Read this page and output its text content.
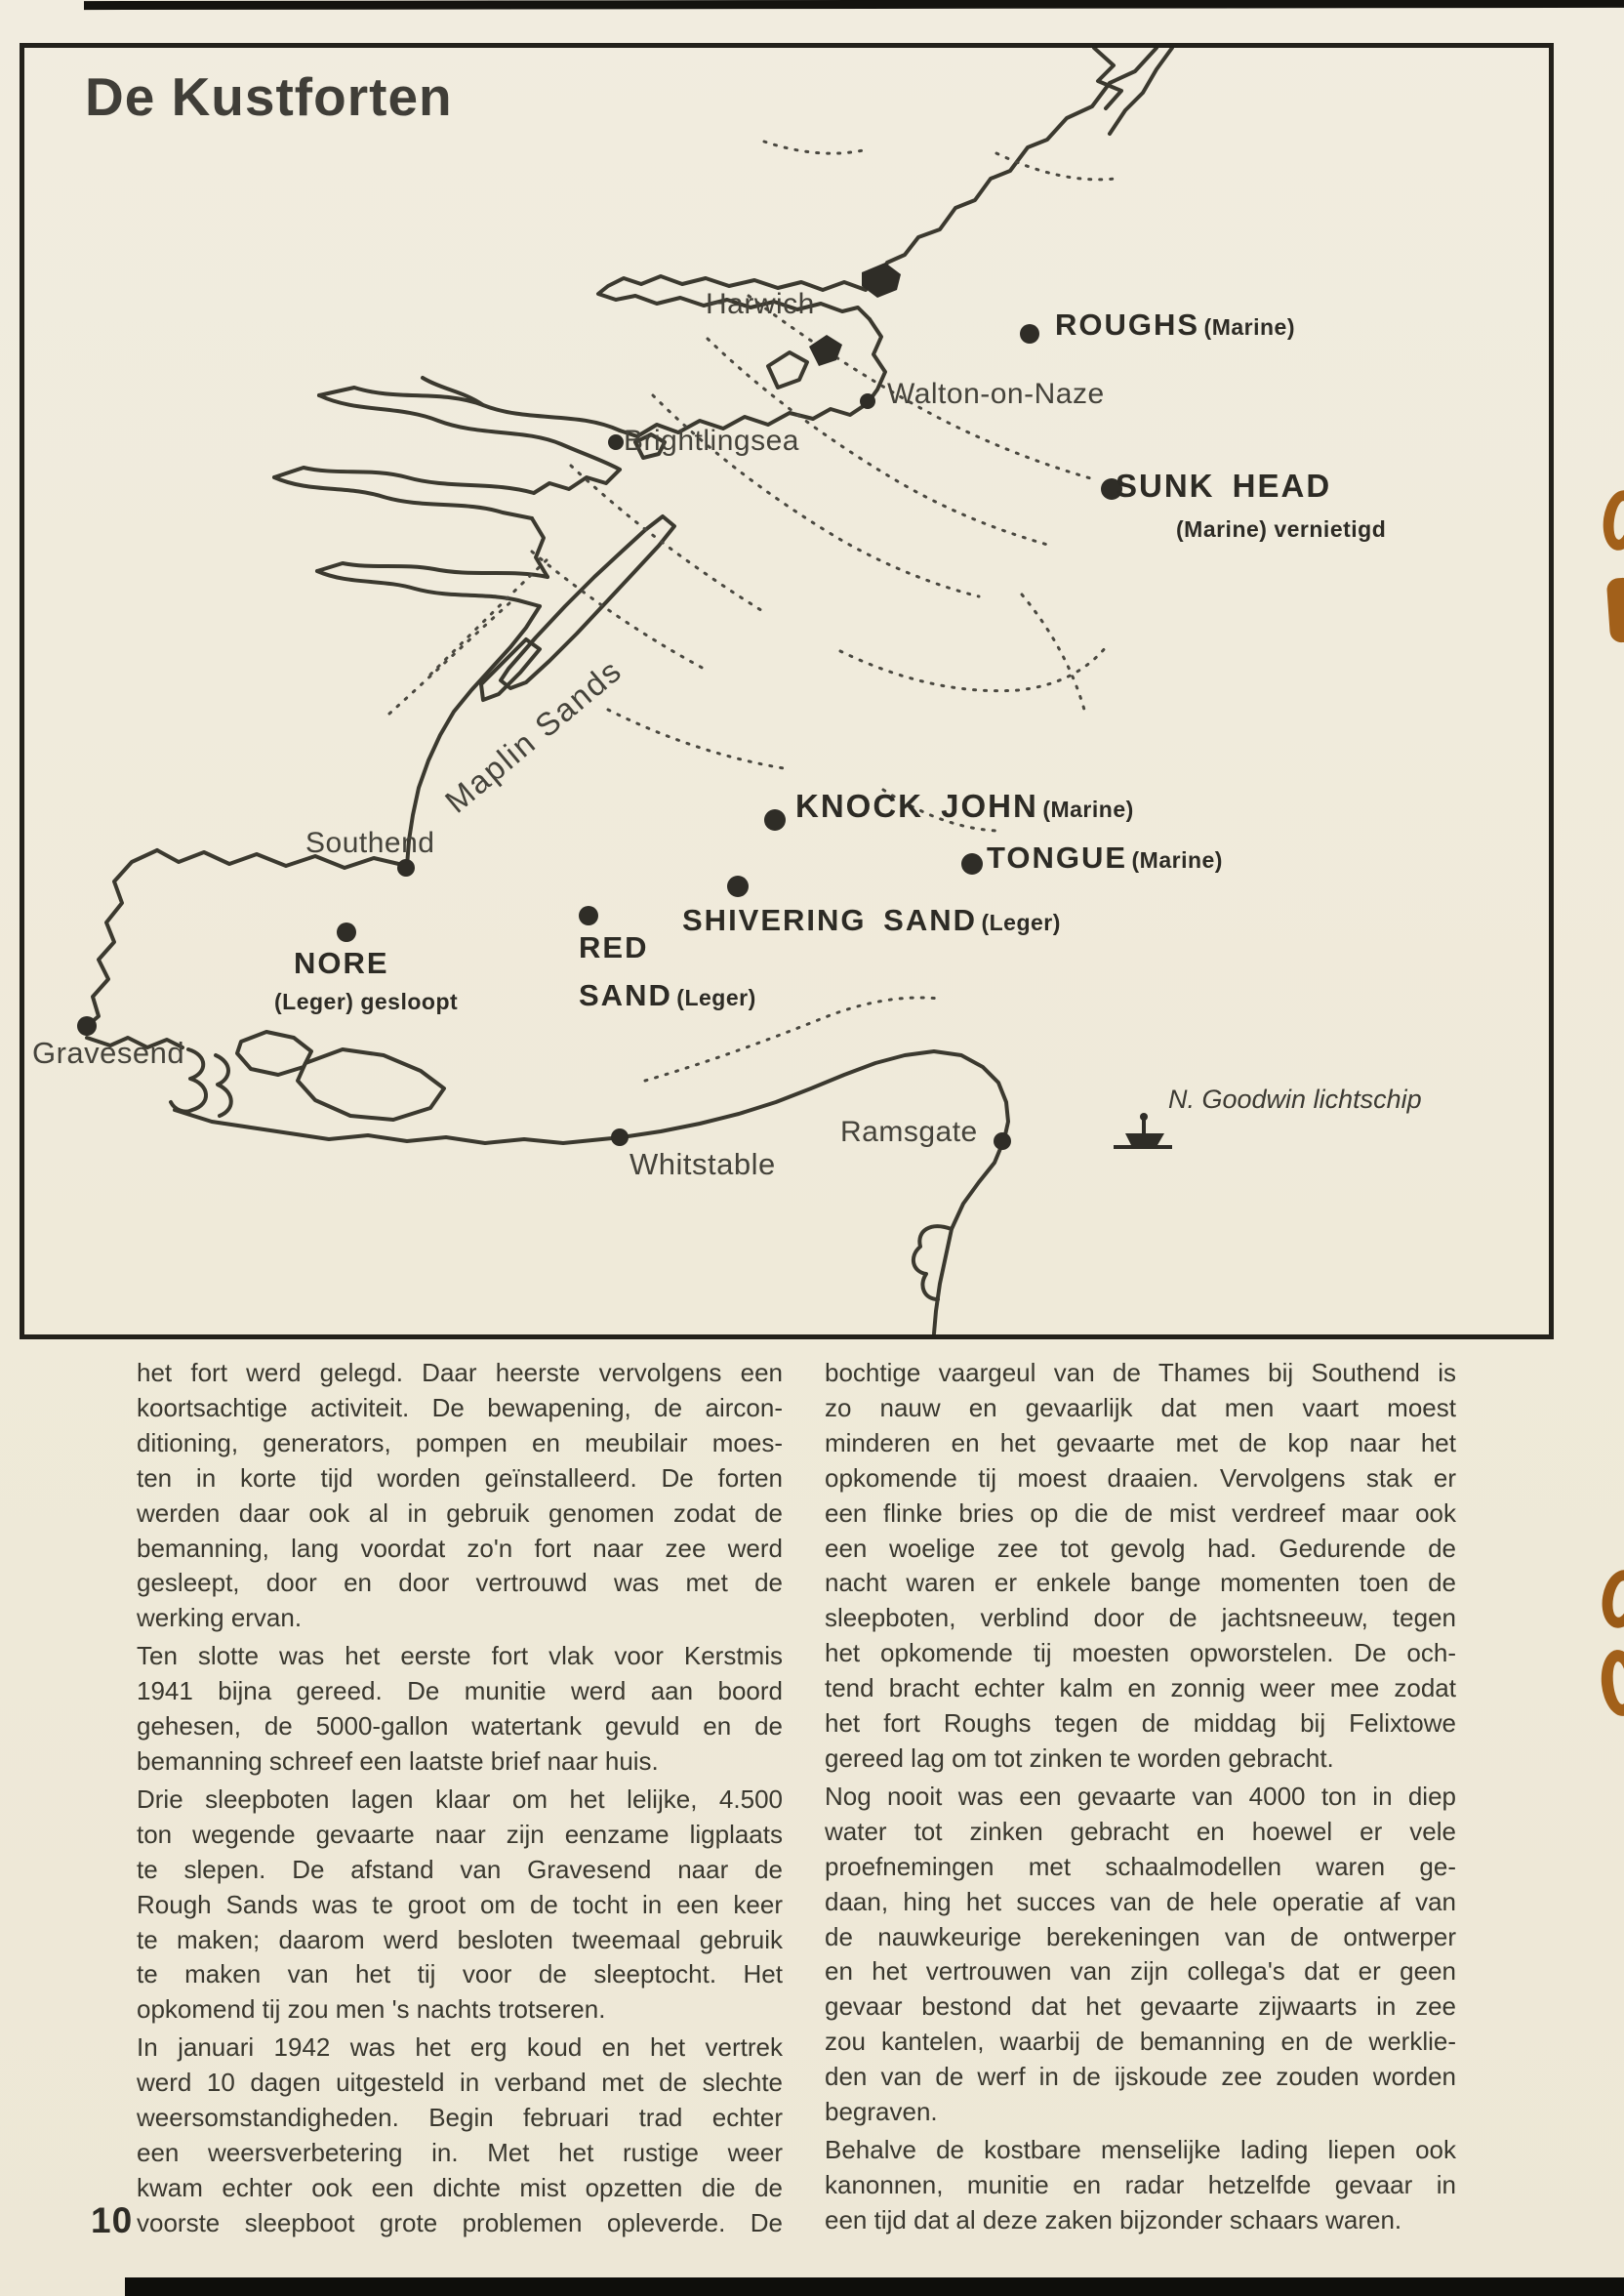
De Kustforten
Harwich
Walton-on-Naze
Brightlingsea
Southend
Gravesend
Whitstable
Ramsgate
ROUGHS (Marine)
SUNK HEAD
(Marine) vernietigd
KNOCK JOHN (Marine)
TONGUE (Marine)
SHIVERING SAND (Leger)
RED
SAND (Leger)
NORE
(Leger) gesloopt
Maplin Sands
N. Goodwin lichtschip
het fort werd gelegd. Daar heerste vervolgens een
koortsachtige activiteit. De bewapening, de aircon-
ditioning, generators, pompen en meubilair moes-
ten in korte tijd worden geïnstalleerd. De forten
werden daar ook al in gebruik genomen zodat de
bemanning, lang voordat zo'n fort naar zee werd
gesleept, door en door vertrouwd was met de
werking ervan.
Ten slotte was het eerste fort vlak voor Kerstmis
1941 bijna gereed. De munitie werd aan boord
gehesen, de 5000-gallon watertank gevuld en de
bemanning schreef een laatste brief naar huis.
Drie sleepboten lagen klaar om het lelijke, 4.500
ton wegende gevaarte naar zijn eenzame ligplaats
te slepen. De afstand van Gravesend naar de
Rough Sands was te groot om de tocht in een keer
te maken; daarom werd besloten tweemaal gebruik
te maken van het tij voor de sleeptocht. Het
opkomend tij zou men 's nachts trotseren.
In januari 1942 was het erg koud en het vertrek
werd 10 dagen uitgesteld in verband met de slechte
weersomstandigheden. Begin februari trad echter
een weersverbetering in. Met het rustige weer
kwam echter ook een dichte mist opzetten die de
voorste sleepboot grote problemen opleverde. De
bochtige vaargeul van de Thames bij Southend is
zo nauw en gevaarlijk dat men vaart moest
minderen en het gevaarte met de kop naar het
opkomende tij moest draaien. Vervolgens stak er
een flinke bries op die de mist verdreef maar ook
een woelige zee tot gevolg had. Gedurende de
nacht waren er enkele bange momenten toen de
sleepboten, verblind door de jachtsneeuw, tegen
het opkomende tij moesten opworstelen. De och-
tend bracht echter kalm en zonnig weer mee zodat
het fort Roughs tegen de middag bij Felixtowe
gereed lag om tot zinken te worden gebracht.
Nog nooit was een gevaarte van 4000 ton in diep
water tot zinken gebracht en hoewel er vele
proefnemingen met schaalmodellen waren ge-
daan, hing het succes van de hele operatie af van
de nauwkeurige berekeningen van de ontwerper
en het vertrouwen van zijn collega's dat er geen
gevaar bestond dat het gevaarte zijwaarts in zee
zou kantelen, waarbij de bemanning en de werklie-
den van de werf in de ijskoude zee zouden worden
begraven.
Behalve de kostbare menselijke lading liepen ook
kanonnen, munitie en radar hetzelfde gevaar in
een tijd dat al deze zaken bijzonder schaars waren.
10
